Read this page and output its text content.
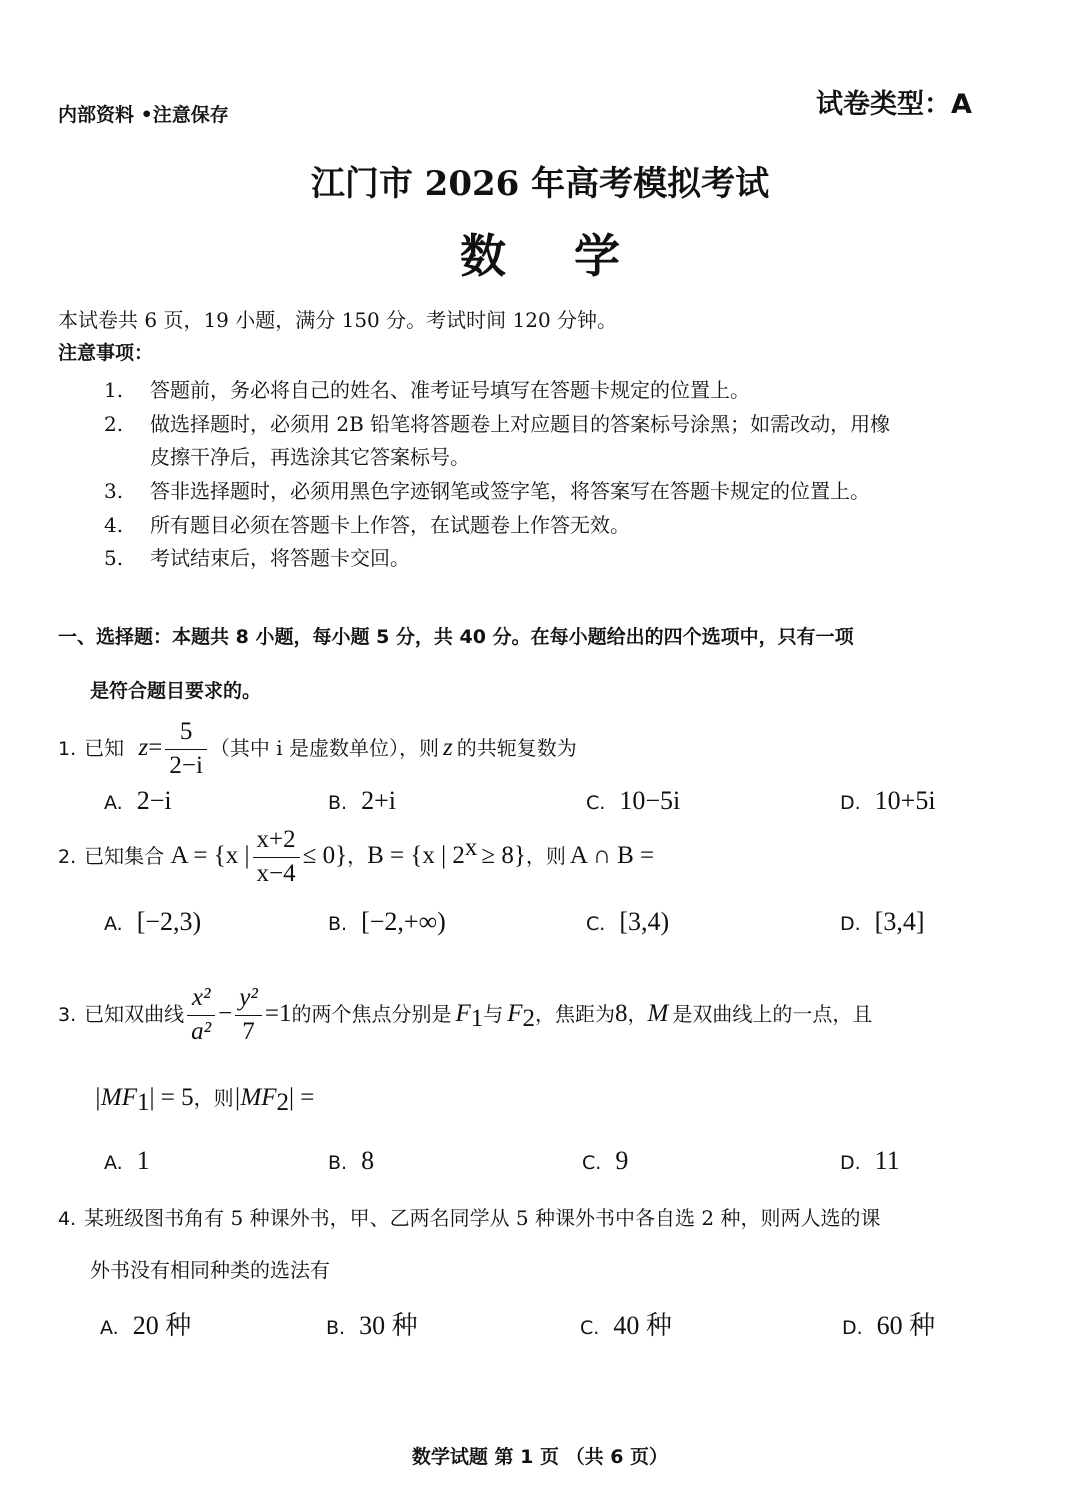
内部资料 •注意保存	试卷类型：A
江门市 2026 年高考模拟考试
数 学
本试卷共 6 页，19 小题，满分 150 分。考试时间 120 分钟。
注意事项：
1. 答题前，务必将自己的姓名、准考证号填写在答题卡规定的位置上。
2. 做选择题时，必须用 2B 铅笔将答题卷上对应题目的答案标号涂黑；如需改动，用橡
皮擦干净后，再选涂其它答案标号。
3. 答非选择题时，必须用黑色字迹钢笔或签字笔，将答案写在答题卡规定的位置上。
4. 所有题目必须在答题卡上作答，在试题卷上作答无效。
5. 考试结束后，将答题卡交回。
一、选择题：本题共 8 小题，每小题 5 分，共 40 分。在每小题给出的四个选项中，只有一项
是符合题目要求的。
1. 已知 $z= \frac{5}{2-i}$ （其中 i 是虚数单位），则 z 的共轭复数为
A. 2−i	B. 2+i	C. 10−5i	D. 10+5i
2. 已知集合 A = {x | $\frac{x+2}{x-4} \le 0$}，B = {x | $2^x \ge 8$}，则 A ∩ B =
A. [−2,3)	B. [−2,+∞)	C. [3,4)	D. [3,4]
3. 已知双曲线 $\frac{\text{x²}}{\text{a²}} - \frac{\text{y²}}{7} =1$的两个焦点分别是 $F_1$与 $F_2$，焦距为8，M 是双曲线上的一点，且
$|MF_1| = 5$，则$|MF_2|$ =
A. 1	B. 8	C. 9	D. 11
4. 某班级图书角有 5 种课外书，甲、乙两名同学从 5 种课外书中各自选 2 种，则两人选的课
外书没有相同种类的选法有
A. 20 种	B. 30 种	C. 40 种	D. 60 种
数学试题 第 1 页 （共 6 页）
